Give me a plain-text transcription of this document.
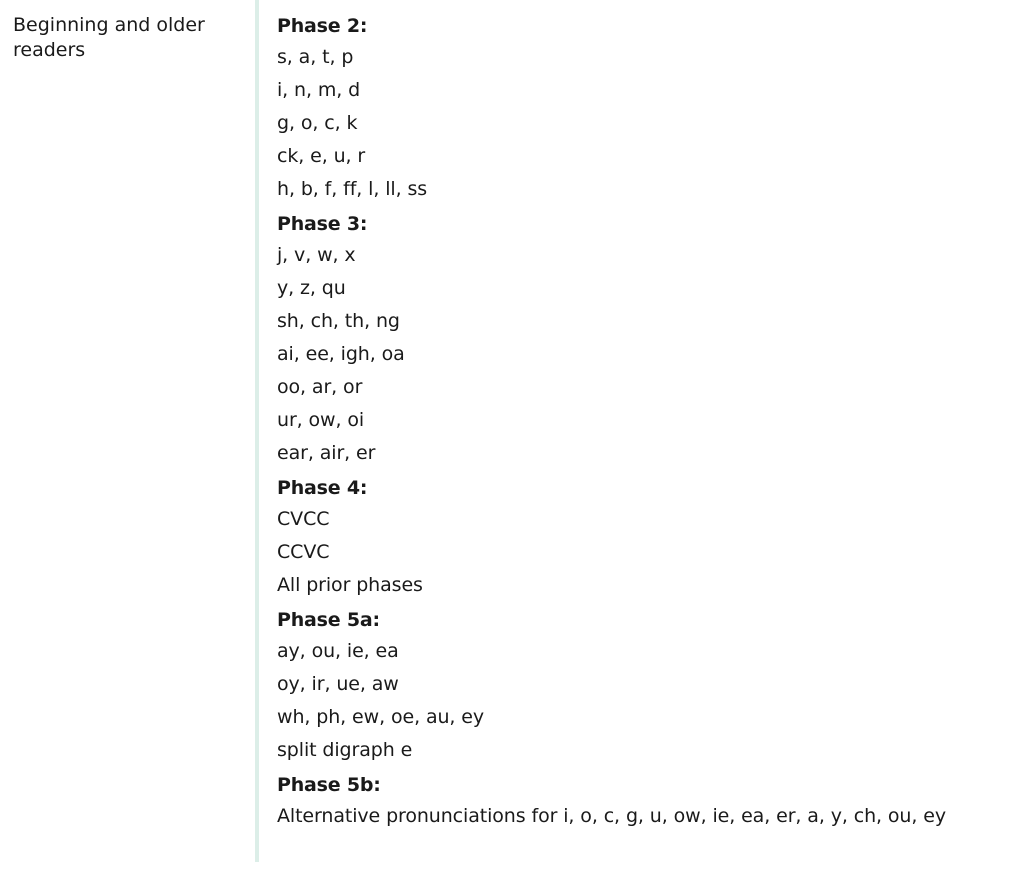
Beginning and older readers

Phase 2:

s, a, t, p

i, n, m, d

g, o, c, k

ck, e, u, r

h, b, f, ff, l, ll, ss

Phase 3:

j, v, w, x

y, z, qu

sh, ch, th, ng

ai, ee, igh, oa

oo, ar, or

ur, ow, oi

ear, air, er

Phase 4:

CVCC

CCVC

All prior phases

Phase 5a:

ay, ou, ie, ea

oy, ir, ue, aw

wh, ph, ew, oe, au, ey

split digraph e

Phase 5b:

Alternative pronunciations for i, o, c, g, u, ow, ie, ea, er, a, y, ch, ou, ey
